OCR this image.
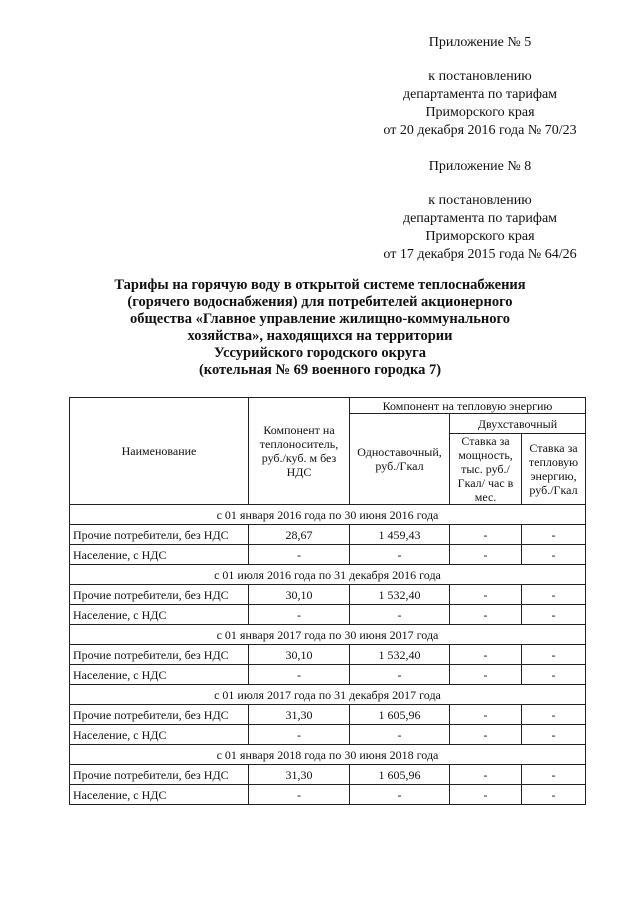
Приложение № 5
к постановлению
департамента по тарифам
Приморского края
от 20 декабря 2016 года № 70/23
Приложение № 8
к постановлению
департамента по тарифам
Приморского края
от 17 декабря 2015 года № 64/26
Тарифы на горячую воду в открытой системе теплоснабжения
(горячего водоснабжения) для потребителей акционерного
общества «Главное управление жилищно-коммунального
хозяйства», находящихся на территории
Уссурийского городского округа
(котельная № 69 военного городка 7)
Наименование	Компонент на теплоноситель, руб./куб. м без НДС	Компонент на тепловую энергию		
		Одноставочный, руб./Гкал	Двухставочный	
			Ставка за мощность, тыс. руб./Гкал/ час в мес.	Ставка за тепловую энергию, руб./Гкал
с 01 января 2016 года по 30 июня 2016 года				
Прочие потребители, без НДС	28,67	1 459,43	-	-
Население, с НДС	-	-	-	-
с 01 июля 2016 года по 31 декабря 2016 года				
Прочие потребители, без НДС	30,10	1 532,40	-	-
Население, с НДС	-	-	-	-
с 01 января 2017 года по 30 июня 2017 года				
Прочие потребители, без НДС	30,10	1 532,40	-	-
Население, с НДС	-	-	-	-
с 01 июля 2017 года по 31 декабря 2017 года				
Прочие потребители, без НДС	31,30	1 605,96	-	-
Население, с НДС	-	-	-	-
с 01 января 2018 года по 30 июня 2018 года				
Прочие потребители, без НДС	31,30	1 605,96	-	-
Население, с НДС	-	-	-	-
